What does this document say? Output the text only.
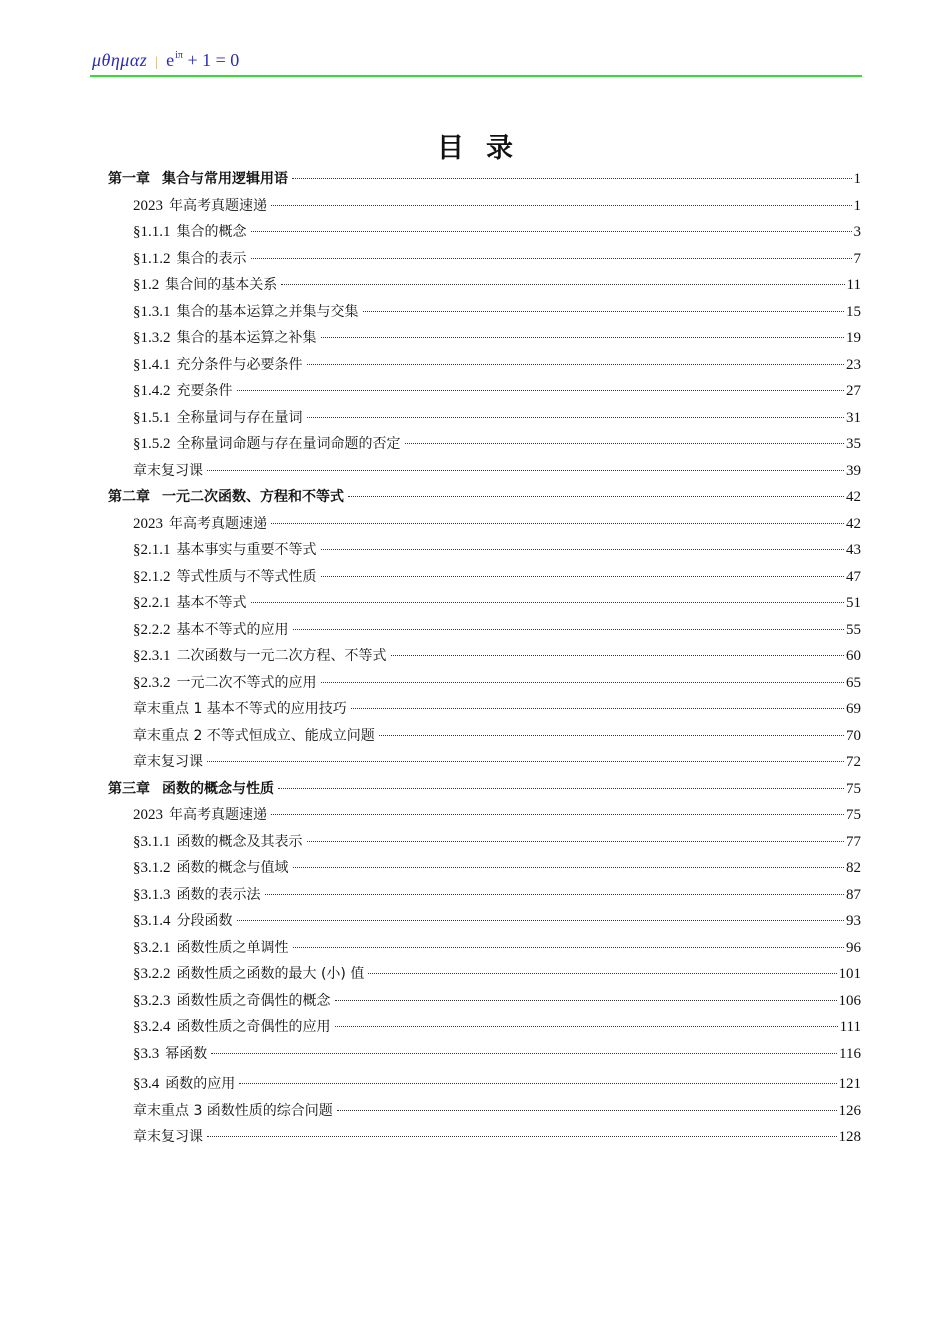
μθημαz | $e^{i\pi} + 1 = 0$
目录
第一章 集合与常用逻辑用语	1
2023 年高考真题速递	1
§1.1.1 集合的概念	3
§1.1.2 集合的表示	7
§1.2 集合间的基本关系	11
§1.3.1 集合的基本运算之并集与交集	15
§1.3.2 集合的基本运算之补集	19
§1.4.1 充分条件与必要条件	23
§1.4.2 充要条件	27
§1.5.1 全称量词与存在量词	31
§1.5.2 全称量词命题与存在量词命题的否定	35
章末复习课	39
第二章 一元二次函数、方程和不等式	42
2023 年高考真题速递	42
§2.1.1 基本事实与重要不等式	43
§2.1.2 等式性质与不等式性质	47
§2.2.1 基本不等式	51
§2.2.2 基本不等式的应用	55
§2.3.1 二次函数与一元二次方程、不等式	60
§2.3.2 一元二次不等式的应用	65
章末重点 1 基本不等式的应用技巧	69
章末重点 2 不等式恒成立、能成立问题	70
章末复习课	72
第三章 函数的概念与性质	75
2023 年高考真题速递	75
§3.1.1 函数的概念及其表示	77
§3.1.2 函数的概念与值域	82
§3.1.3 函数的表示法	87
§3.1.4 分段函数	93
§3.2.1 函数性质之单调性	96
§3.2.2 函数性质之函数的最大 (小) 值	101
§3.2.3 函数性质之奇偶性的概念	106
§3.2.4 函数性质之奇偶性的应用	111
§3.3 幂函数	116
§3.4 函数的应用	121
章末重点 3 函数性质的综合问题	126
章末复习课	128
